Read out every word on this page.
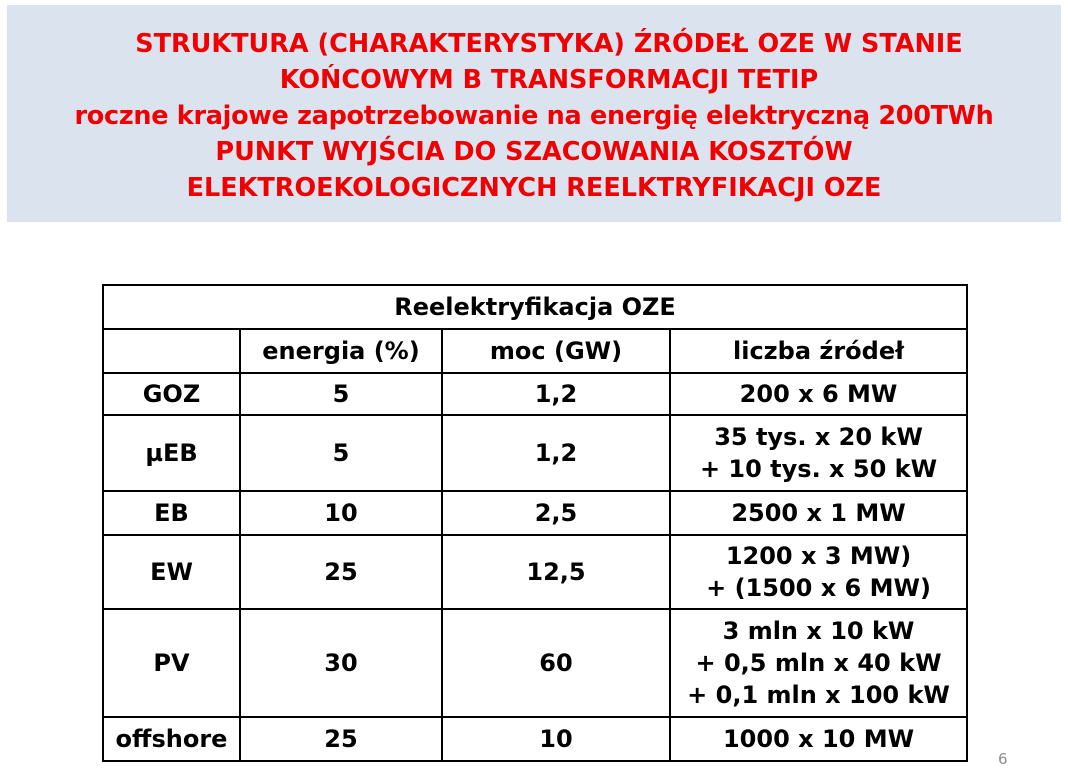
STRUKTURA (CHARAKTERYSTYKA) ŹRÓDEŁ OZE W STANIE
KOŃCOWYM B TRANSFORMACJI TETIP
roczne krajowe zapotrzebowanie na energię elektryczną 200TWh
PUNKT WYJŚCIA DO SZACOWANIA KOSZTÓW
ELEKTROEKOLOGICZNYCH REELKTRYFIKACJI OZE
Reelektryfikacja OZE			
	energia (%)	moc (GW)	liczba źródeł
GOZ	5	1,2	200 x 6 MW
µEB	5	1,2	35 tys. x 20 kW
+ 10 tys. x 50 kW

EB	10	2,5	2500 x 1 MW
EW	25	12,5	1200 x 3 MW)
+ (1500 x 6 MW)

PV	30	60	3 mln x 10 kW
+ 0,5 mln x 40 kW
+ 0,1 mln x 100 kW

offshore	25	10	1000 x 10 MW
6
